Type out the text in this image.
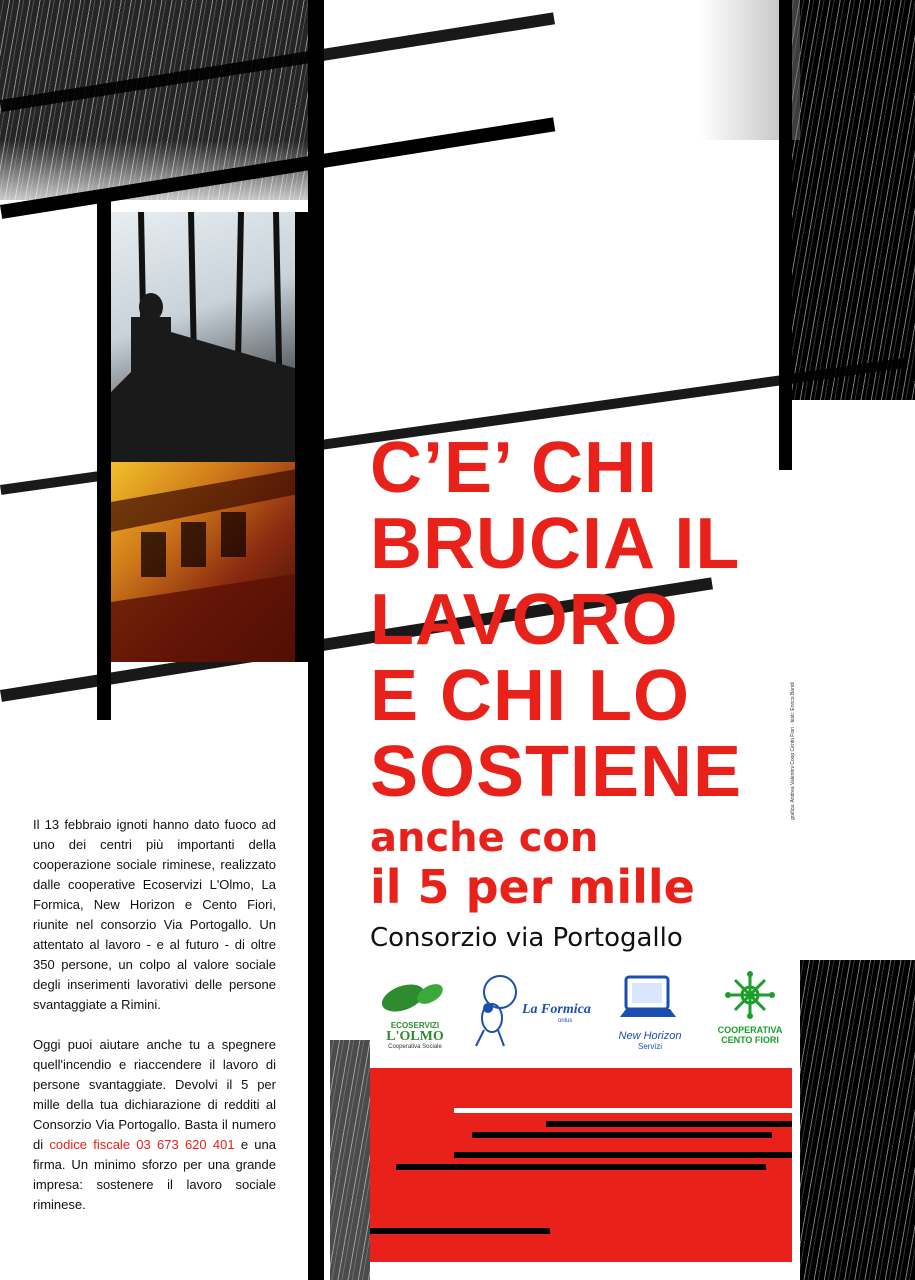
C’E’ CHI
BRUCIA IL
LAVORO
E CHI LO
SOSTIENE
anche con
il 5 per mille
Consorzio via Portogallo

Il 13 febbraio ignoti hanno dato fuoco ad uno dei centri più importanti della cooperazione sociale riminese, realizzato dalle cooperative Ecoservizi L'Olmo, La Formica, New Horizon e Cento Fiori, riunite nel consorzio Via Portogallo. Un attentato al lavoro - e al futuro - di oltre 350 persone, un colpo al valore sociale degli inserimenti lavorativi delle persone svantaggiate a Rimini.

Oggi puoi aiutare anche tu a spegnere quell'incendio e riaccendere il lavoro di persone svantaggiate. Devolvi il 5 per mille della tua dichiarazione di redditi al Consorzio Via Portogallo. Basta il numero di codice fiscale 03 673 620 401 e una firma. Un minimo sforzo per una grande impresa: sostenere il lavoro sociale riminese.

ECOSERVIZI
L'OLMO
Cooperativa Sociale
La Formica
onlus
New Horizon
Servizi
COOPERATIVA CENTO FIORI
grafica: Andrea Valentini Coop Cento Fiori · testi: Enrico Bandi
